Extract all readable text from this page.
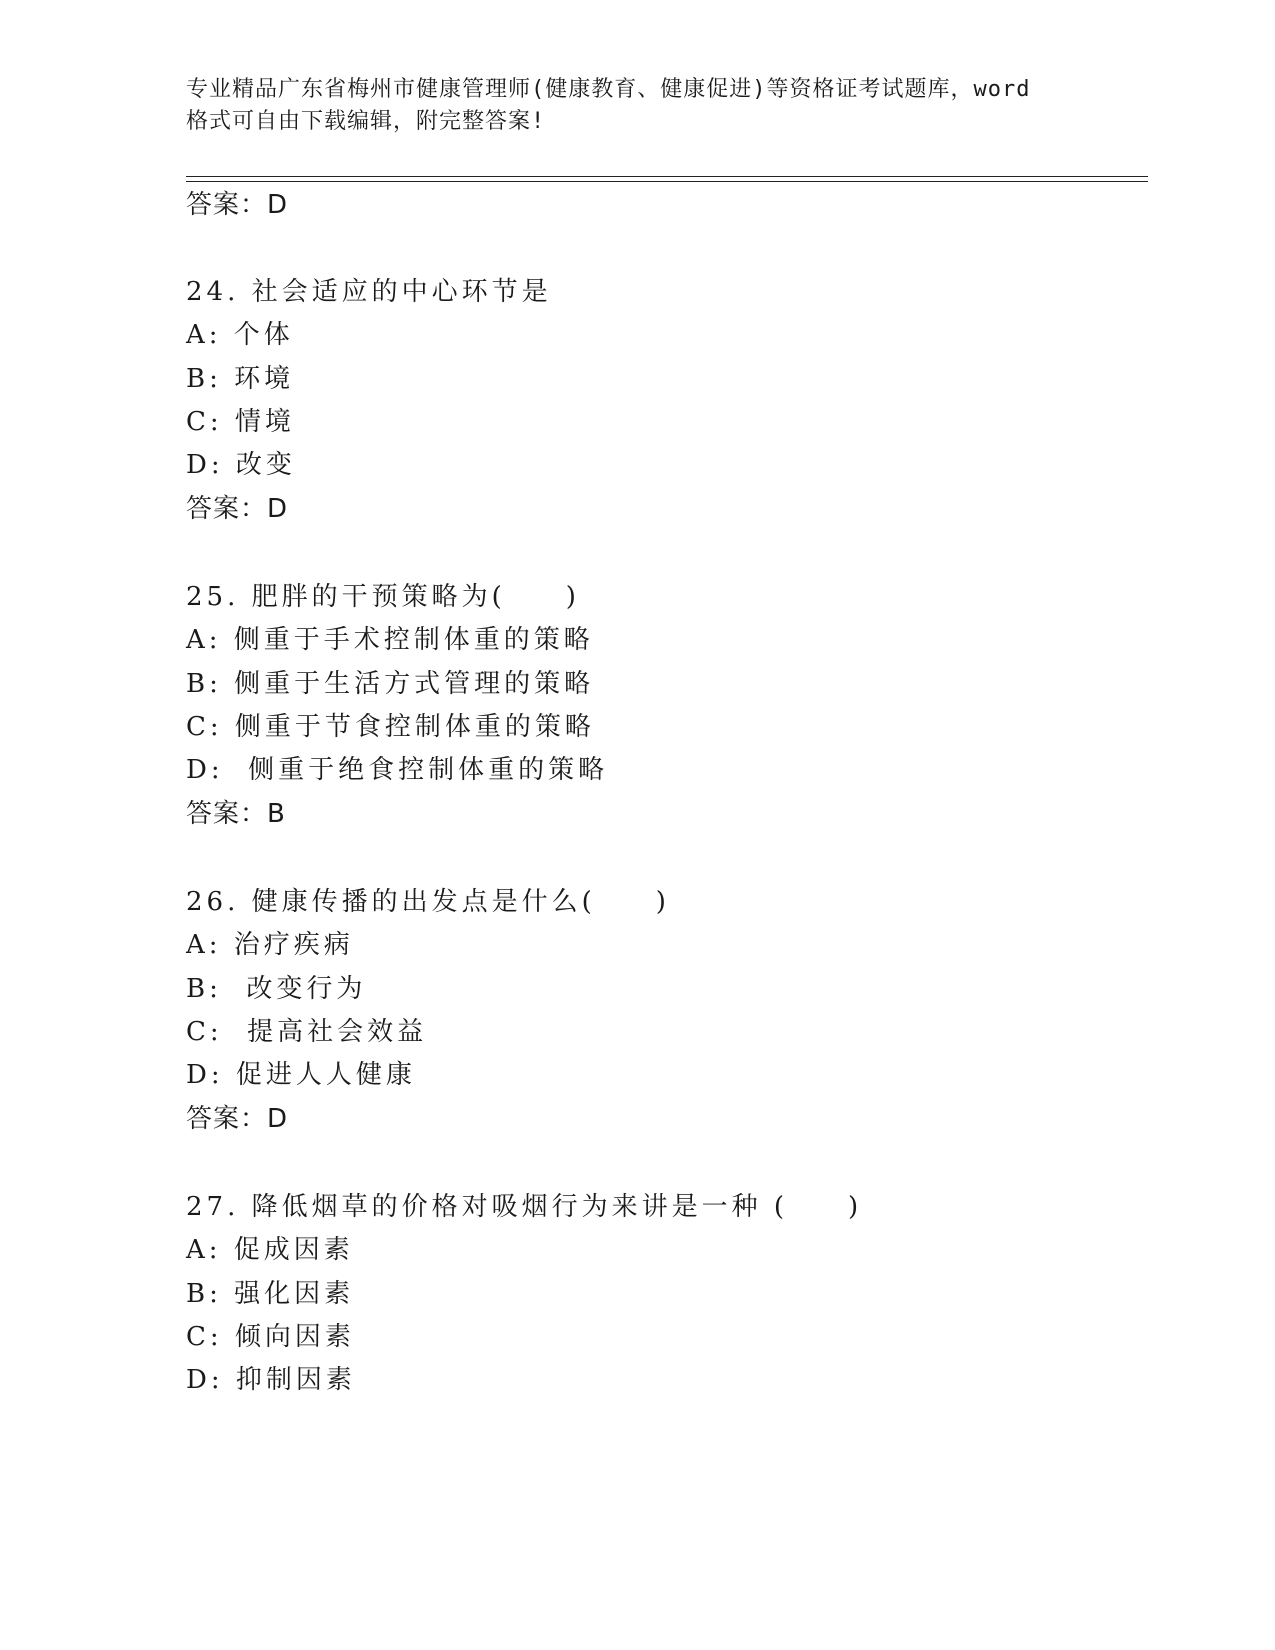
专业精品广东省梅州市健康管理师(健康教育、健康促进)等资格证考试题库，word
格式可自由下载编辑，附完整答案!
答案：D
24. 社会适应的中心环节是
A: 个体
B: 环境
C: 情境
D: 改变
答案：D
25. 肥胖的干预策略为(　　)
A: 侧重于手术控制体重的策略
B: 侧重于生活方式管理的策略
C: 侧重于节食控制体重的策略
D:  侧重于绝食控制体重的策略
答案：B
26. 健康传播的出发点是什么(　　)
A: 治疗疾病
B:  改变行为
C:  提高社会效益
D: 促进人人健康
答案：D
27. 降低烟草的价格对吸烟行为来讲是一种 (　　)
A: 促成因素
B: 强化因素
C: 倾向因素
D: 抑制因素
